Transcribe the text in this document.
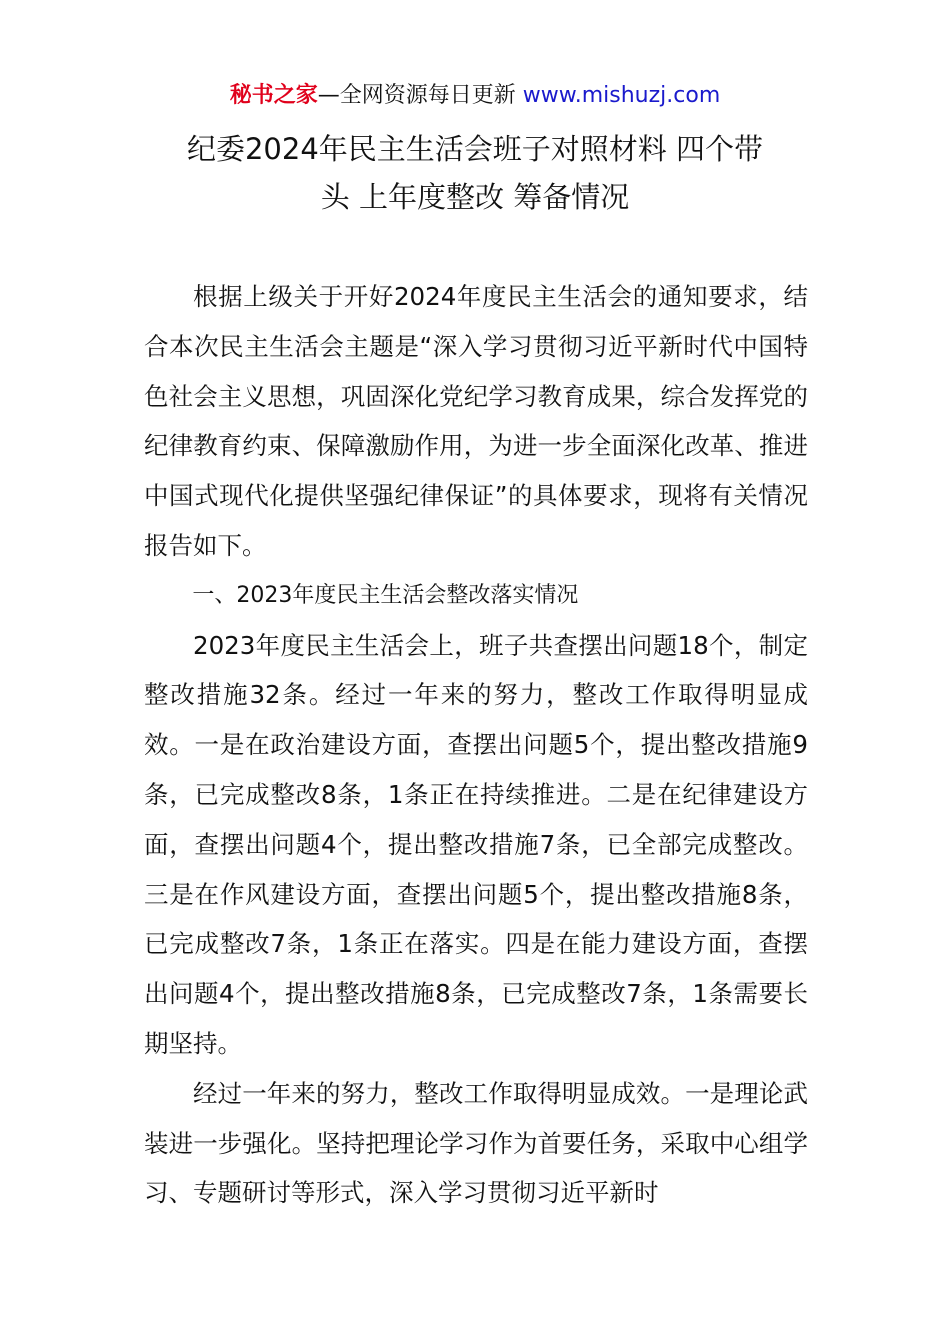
秘书之家—全网资源每日更新 www.mishuzj.com
纪委2024年民主生活会班子对照材料 四个带
头 上年度整改 筹备情况

根据上级关于开好2024年度民主生活会的通知要求，结合本次民主生活会主题是“深入学习贯彻习近平新时代中国特色社会主义思想，巩固深化党纪学习教育成果，综合发挥党的纪律教育约束、保障激励作用，为进一步全面深化改革、推进中国式现代化提供坚强纪律保证”的具体要求，现将有关情况报告如下。

一、2023年度民主生活会整改落实情况

2023年度民主生活会上，班子共查摆出问题18个，制定整改措施32条。经过一年来的努力，整改工作取得明显成效。一是在政治建设方面，查摆出问题5个，提出整改措施9条，已完成整改8条，1条正在持续推进。二是在纪律建设方面，查摆出问题4个，提出整改措施7条，已全部完成整改。三是在作风建设方面，查摆出问题5个，提出整改措施8条，已完成整改7条，1条正在落实。四是在能力建设方面，查摆出问题4个，提出整改措施8条，已完成整改7条，1条需要长期坚持。

经过一年来的努力，整改工作取得明显成效。一是理论武装进一步强化。坚持把理论学习作为首要任务，采取中心组学习、专题研讨等形式，深入学习贯彻习近平新时
